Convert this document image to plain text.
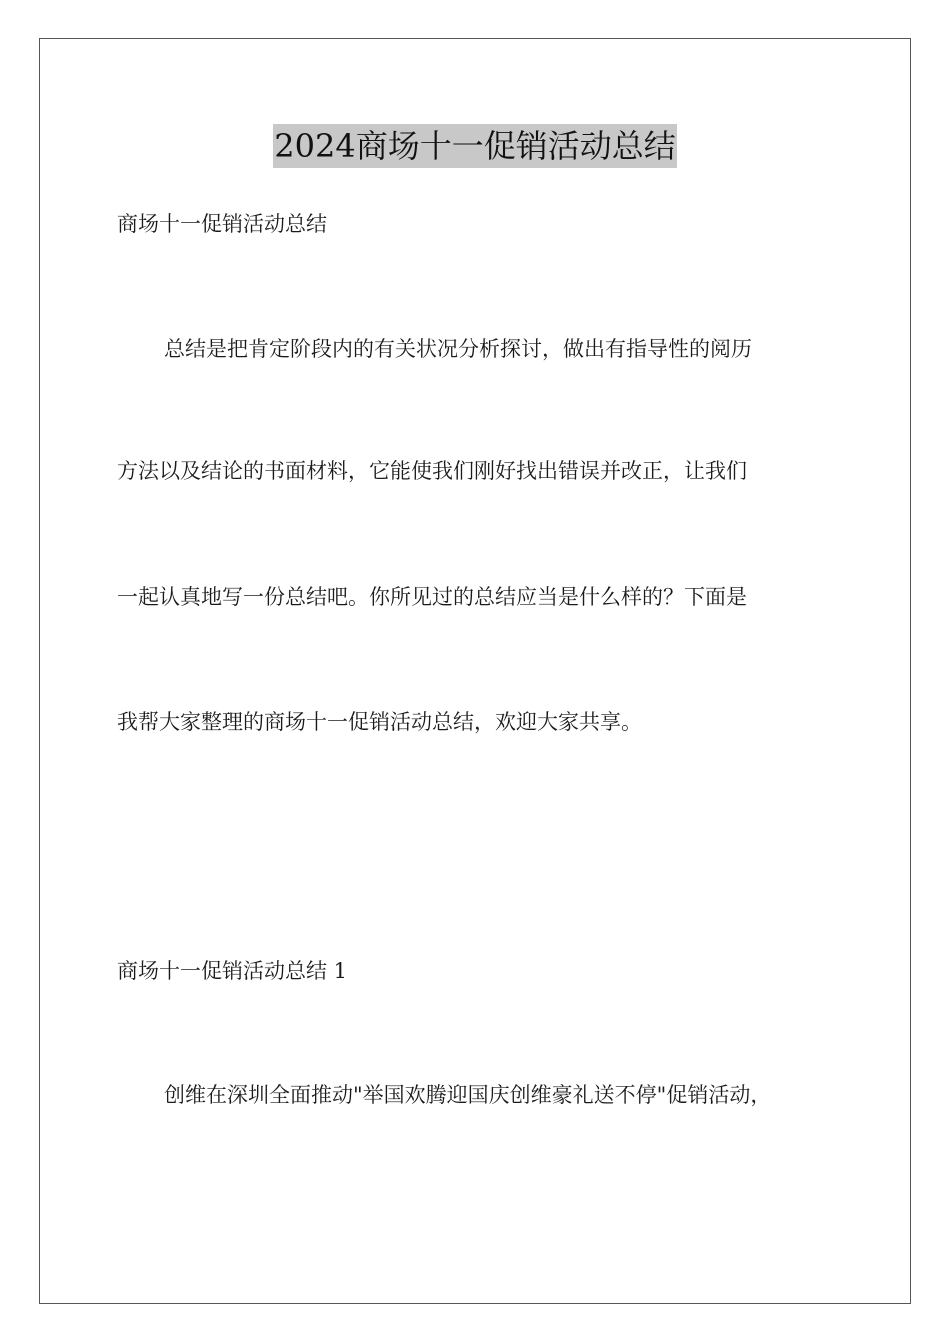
2024商场十一促销活动总结
商场十一促销活动总结
总结是把肯定阶段内的有关状况分析探讨，做出有指导性的阅历
方法以及结论的书面材料，它能使我们刚好找出错误并改正，让我们
一起认真地写一份总结吧。你所见过的总结应当是什么样的？下面是
我帮大家整理的商场十一促销活动总结，欢迎大家共享。
商场十一促销活动总结 1
创维在深圳全面推动"举国欢腾迎国庆创维豪礼送不停"促销活动，
